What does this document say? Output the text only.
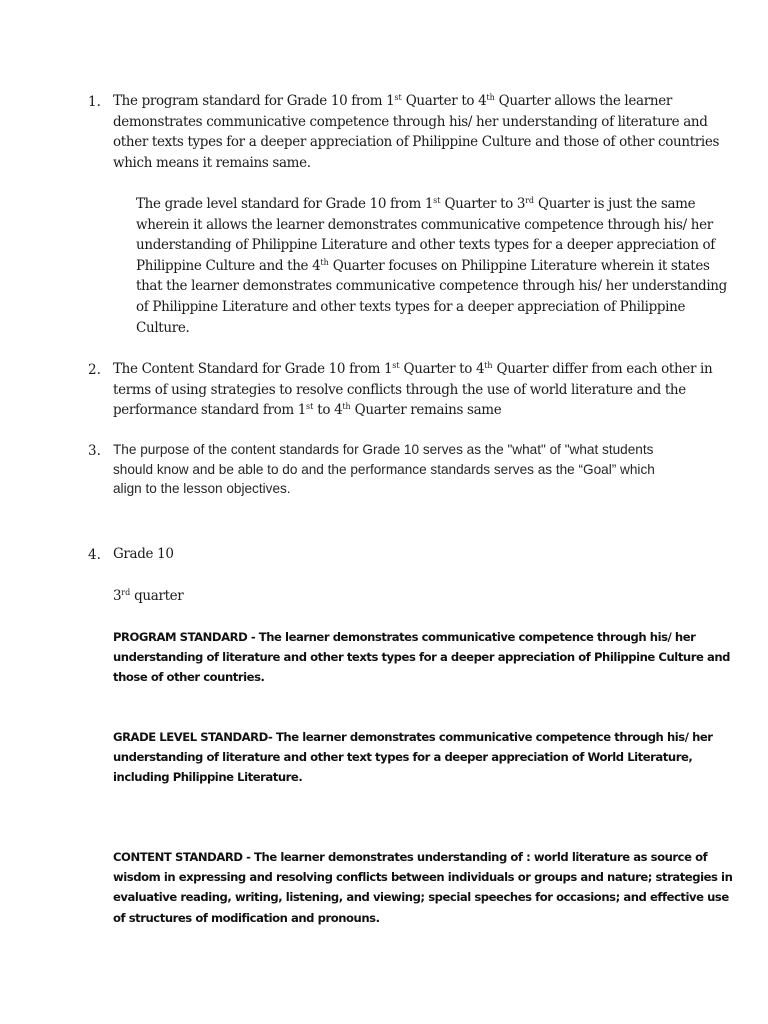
1. The program standard for Grade 10 from 1st Quarter to 4th Quarter allows the learner
demonstrates communicative competence through his/ her understanding of literature and
other texts types for a deeper appreciation of Philippine Culture and those of other countries
which means it remains same.
The grade level standard for Grade 10 from 1st Quarter to 3rd Quarter is just the same
wherein it allows the learner demonstrates communicative competence through his/ her
understanding of Philippine Literature and other texts types for a deeper appreciation of
Philippine Culture and the 4th Quarter focuses on Philippine Literature wherein it states
that the learner demonstrates communicative competence through his/ her understanding
of Philippine Literature and other texts types for a deeper appreciation of Philippine
Culture.
2. The Content Standard for Grade 10 from 1st Quarter to 4th Quarter differ from each other in
terms of using strategies to resolve conflicts through the use of world literature and the
performance standard from 1st to 4th Quarter remains same
3. The purpose of the content standards for Grade 10 serves as the "what" of "what students
should know and be able to do and the performance standards serves as the “Goal” which
align to the lesson objectives.
4. Grade 10
3rd quarter
PROGRAM STANDARD - The learner demonstrates communicative competence through his/ her
understanding of literature and other texts types for a deeper appreciation of Philippine Culture and
those of other countries.
GRADE LEVEL STANDARD- The learner demonstrates communicative competence through his/ her
understanding of literature and other text types for a deeper appreciation of World Literature,
including Philippine Literature.
CONTENT STANDARD - The learner demonstrates understanding of : world literature as source of
wisdom in expressing and resolving conflicts between individuals or groups and nature; strategies in
evaluative reading, writing, listening, and viewing; special speeches for occasions; and effective use
of structures of modification and pronouns.
